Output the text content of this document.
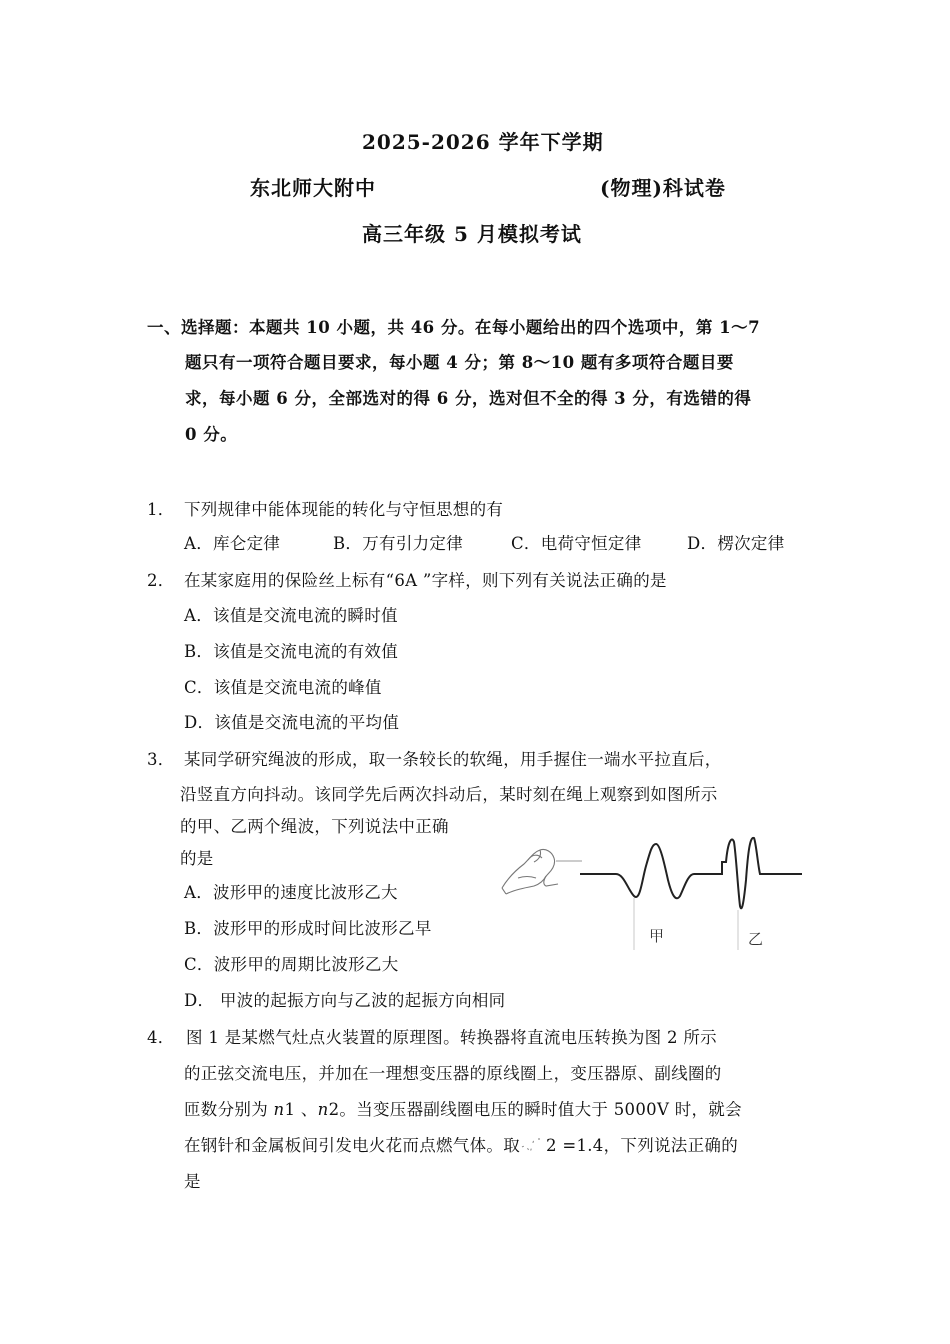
2025-2026 学年下学期
东北师大附中	(物理)科试卷
高三年级 5 月模拟考试
一、选择题：本题共 10 小题，共 46 分。在每小题给出的四个选项中，第 1～7
题只有一项符合题目要求，每小题 4 分；第 8～10 题有多项符合题目要
求，每小题 6 分，全部选对的得 6 分，选对但不全的得 3 分，有选错的得
0 分。
1． 下列规律中能体现能的转化与守恒思想的有
A．库仑定律	B．万有引力定律	C．电荷守恒定律	D．楞次定律
2． 在某家庭用的保险丝上标有“6A ”字样，则下列有关说法正确的是
A．该值是交流电流的瞬时值
B．该值是交流电流的有效值
C．该值是交流电流的峰值
D．该值是交流电流的平均值
3． 某同学研究绳波的形成，取一条较长的软绳，用手握住一端水平拉直后，
沿竖直方向抖动。该同学先后两次抖动后，某时刻在绳上观察到如图所示
的甲、乙两个绳波，下列说法中正确
的是
A．波形甲的速度比波形乙大
B．波形甲的形成时间比波形乙早
C．波形甲的周期比波形乙大
D． 甲波的起振方向与乙波的起振方向相同
甲	乙
4． 图 1 是某燃气灶点火装置的原理图。转换器将直流电压转换为图 2 所示
的正弦交流电压，并加在一理想变压器的原线圈上，变压器原、副线圈的
匝数分别为 n1 、n2。当变压器副线圈电压的瞬时值大于 5000V 时，就会
在钢针和金属板间引发电火花而点燃气体。取 2 =1.4，下列说法正确的
是
